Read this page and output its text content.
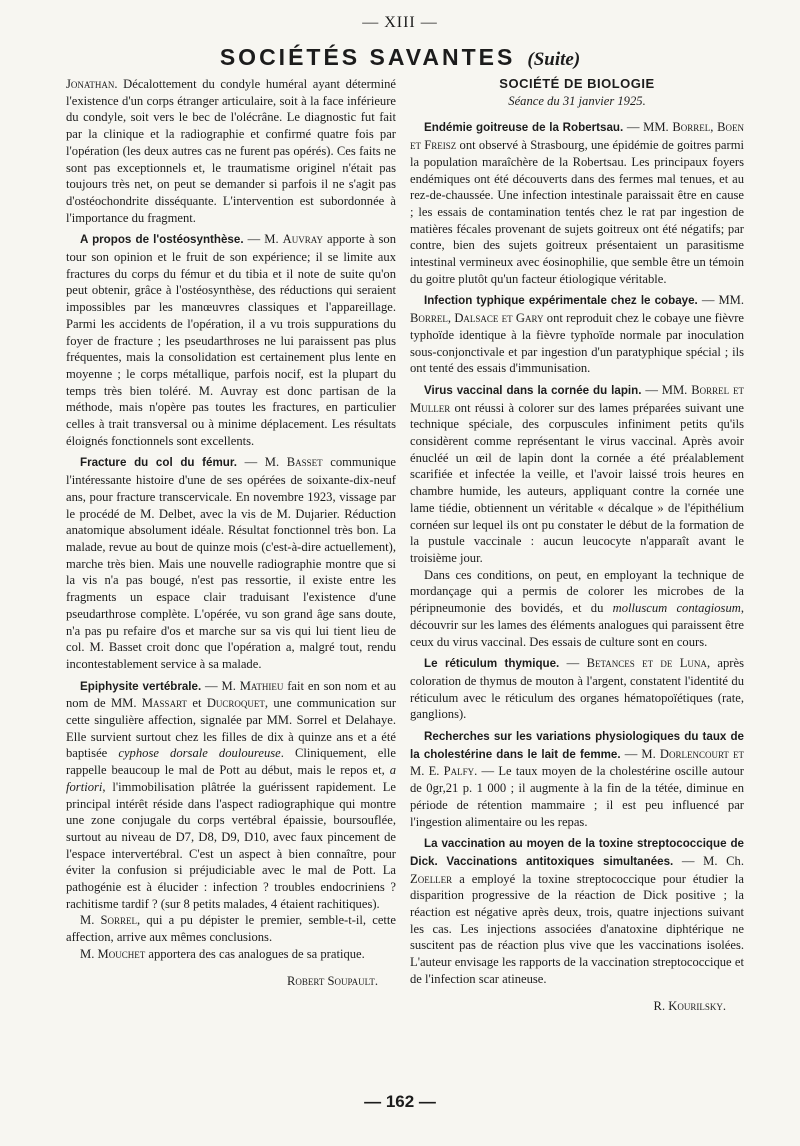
— XIII —
SOCIÉTÉS SAVANTES (Suite)

Jonathan. Décalottement du condyle huméral ayant déterminé l'existence d'un corps étranger articulaire, soit à la face inférieure du condyle, soit vers le bec de l'olécrâne. Le diagnostic fut fait par la clinique et la radiographie et confirmé quatre fois par l'opération (les deux autres cas ne furent pas opérés). Ces faits ne sont pas exceptionnels et, le traumatisme originel n'était pas toujours très net, on peut se demander si parfois il ne s'agit pas d'ostéochondrite disséquante. L'intervention est subordonnée à l'importance du fragment.

A propos de l'ostéosynthèse. — M. Auvray apporte à son tour son opinion et le fruit de son expérience; il se limite aux fractures du corps du fémur et du tibia et il note de suite qu'on peut obtenir, grâce à l'ostéosynthèse, des réductions qui seraient impossibles par les manœuvres classiques et l'appareillage. Parmi les accidents de l'opération, il a vu trois suppurations du foyer de fracture ; les pseudarthroses ne lui paraissent pas plus fréquentes, mais la consolidation est certainement plus lente en moyenne ; le corps métallique, parfois nocif, est la plupart du temps très bien toléré. M. Auvray est donc partisan de la méthode, mais n'opère pas toutes les fractures, en particulier celles à trait transversal ou à minime déplacement. Les résultats éloignés fonctionnels sont excellents.

Fracture du col du fémur. — M. Basset communique l'intéressante histoire d'une de ses opérées de soixante-dix-neuf ans, pour fracture transcervicale. En novembre 1923, vissage par le procédé de M. Delbet, avec la vis de M. Dujarier. Réduction anatomique absolument idéale. Résultat fonctionnel très bon. La malade, revue au bout de quinze mois (c'est-à-dire actuellement), marche très bien. Mais une nouvelle radiographie montre que si la vis n'a pas bougé, n'est pas ressortie, il existe entre les fragments un espace clair traduisant l'existence d'une pseudarthrose complète. L'opérée, vu son grand âge sans doute, n'a pas pu refaire d'os et marche sur sa vis qui lui tient lieu de col. M. Basset croit donc que l'opération a, malgré tout, rendu incontestablement service à sa malade.

Epiphysite vertébrale. — M. Mathieu fait en son nom et au nom de MM. Massart et Ducroquet, une communication sur cette singulière affection, signalée par MM. Sorrel et Delahaye. Elle survient surtout chez les filles de dix à quinze ans et a été baptisée cyphose dorsale douloureuse. Cliniquement, elle rappelle beaucoup le mal de Pott au début, mais le repos et, a fortiori, l'immobilisation plâtrée la guérissent rapidement. Le principal intérêt réside dans l'aspect radiographique qui montre une zone conjugale du corps vertébral épaissie, boursouflée, surtout au niveau de D7, D8, D9, D10, avec faux pincement de l'espace intervertébral. C'est un aspect à bien connaître, pour éviter la confusion si préjudiciable avec le mal de Pott. La pathogénie est à élucider : infection ? troubles endocriniens ? rachitisme tardif ? (sur 8 petits malades, 4 étaient rachitiques).

M. Sorrel, qui a pu dépister le premier, semble-t-il, cette affection, arrive aux mêmes conclusions.

M. Mouchet apportera des cas analogues de sa pratique.

Robert Soupault.

SOCIÉTÉ DE BIOLOGIE

Séance du 31 janvier 1925.

Endémie goitreuse de la Robertsau. — MM. Borrel, Boen et Freisz ont observé à Strasbourg, une épidémie de goitres parmi la population maraîchère de la Robertsau. Les principaux foyers endémiques ont été découverts dans des fermes mal tenues, et au rez-de-chaussée. Une infection intestinale paraissait être en cause ; les essais de contamination tentés chez le rat par ingestion de matières fécales provenant de sujets goitreux ont été négatifs; par contre, bien des sujets goitreux présentaient un parasitisme intestinal vermineux avec éosinophilie, que semble être un témoin du goitre plutôt qu'un facteur étiologique véritable.

Infection typhique expérimentale chez le cobaye. — MM. Borrel, Dalsace et Gary ont reproduit chez le cobaye une fièvre typhoïde identique à la fièvre typhoïde normale par inoculation sous-conjonctivale et par ingestion d'un paratyphique spécial ; ils ont tenté des essais d'immunisation.

Virus vaccinal dans la cornée du lapin. — MM. Borrel et Muller ont réussi à colorer sur des lames préparées suivant une technique spéciale, des corpuscules infiniment petits qu'ils considèrent comme représentant le virus vaccinal. Après avoir énucléé un œil de lapin dont la cornée a été préalablement scarifiée et infectée la veille, et l'avoir laissé trois heures en chambre humide, les auteurs, appliquant contre la cornée une lame tiédie, obtiennent un véritable « décalque » de l'épithélium cornéen sur lequel ils ont pu constater le début de la formation de la pustule vaccinale : aucun leucocyte n'apparaît avant le troisième jour.

Dans ces conditions, on peut, en employant la technique de mordançage qui a permis de colorer les microbes de la péripneumonie des bovidés, et du molluscum contagiosum, découvrir sur les lames des éléments analogues qui paraissent être ceux du virus vaccinal. Des essais de culture sont en cours.

Le réticulum thymique. — Betances et de Luna, après coloration de thymus de mouton à l'argent, constatent l'identité du réticulum avec le réticulum des organes hématopoïétiques (rate, ganglions).

Recherches sur les variations physiologiques du taux de la cholestérine dans le lait de femme. — M. Dorlencourt et M. E. Palfy. — Le taux moyen de la cholestérine oscille autour de 0gr,21 p. 1 000 ; il augmente à la fin de la tétée, diminue en période de rétention mammaire ; il est peu influencé par l'ingestion alimentaire ou les repas.

La vaccination au moyen de la toxine streptococcique de Dick. Vaccinations antitoxiques simultanées. — M. Ch. Zoeller a employé la toxine streptococcique pour étudier la disparition progressive de la réaction de Dick positive ; la réaction est négative après deux, trois, quatre injections suivant les cas. Les injections associées d'anatoxine diphtérique ne suscitent pas de réaction plus vive que les vaccinations isolées. L'auteur envisage les rapports de la vaccination streptococcique et de l'infection scar atineuse.

R. Kourilsky.
— 162 —
